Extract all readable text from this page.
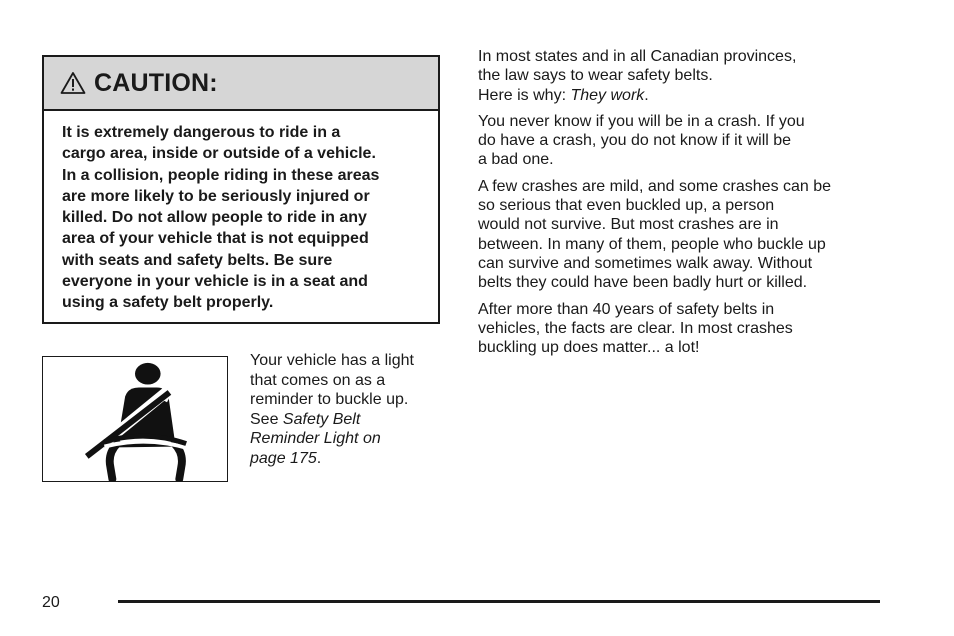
CAUTION:
It is extremely dangerous to ride in a
cargo area, inside or outside of a vehicle.
In a collision, people riding in these areas
are more likely to be seriously injured or
killed. Do not allow people to ride in any
area of your vehicle that is not equipped
with seats and safety belts. Be sure
everyone in your vehicle is in a seat and
using a safety belt properly.
Your vehicle has a light
that comes on as a
reminder to buckle up.
See Safety Belt
Reminder Light on
page 175.

In most states and in all Canadian provinces,
the law says to wear safety belts.
Here is why: They work.

You never know if you will be in a crash. If you
do have a crash, you do not know if it will be
a bad one.

A few crashes are mild, and some crashes can be
so serious that even buckled up, a person
would not survive. But most crashes are in
between. In many of them, people who buckle up
can survive and sometimes walk away. Without
belts they could have been badly hurt or killed.

After more than 40 years of safety belts in
vehicles, the facts are clear. In most crashes
buckling up does matter... a lot!

20
